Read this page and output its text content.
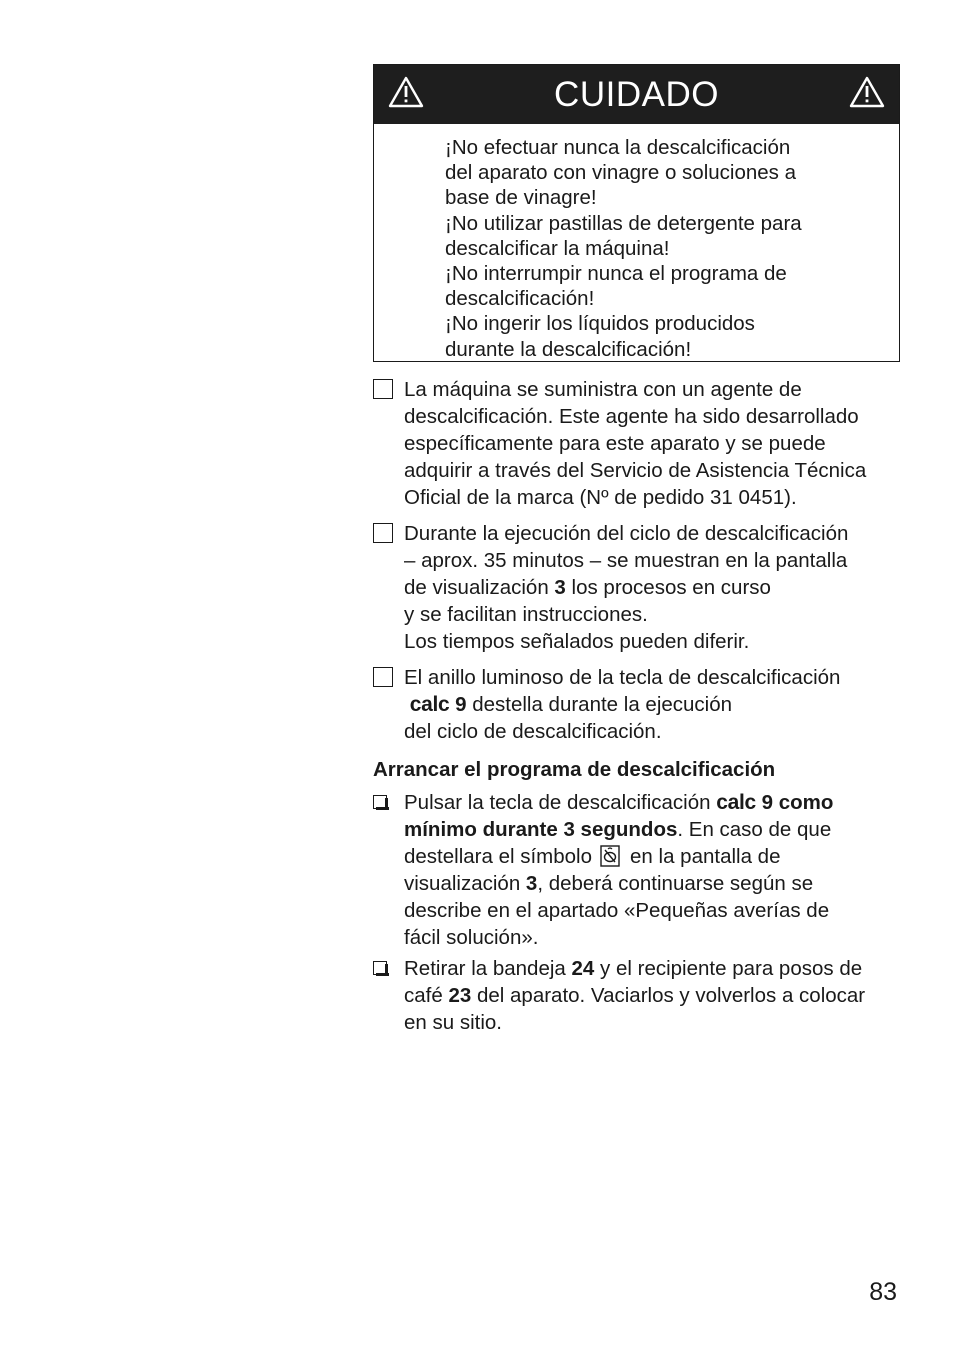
CUIDADO

¡No efectuar nunca la descalcificación

del aparato con vinagre o soluciones a

base de vinagre!

¡No utilizar pastillas de detergente para

descalcificar la máquina!

¡No interrumpir nunca el programa de

descalcificación!

¡No ingerir los líquidos producidos

durante la descalcificación!

La máquina se suministra con un agente de
descalcificación. Este agente ha sido desarrollado
específicamente para este aparato y se puede
adquirir a través del Servicio de Asistencia Técnica
Oficial de la marca (Nº de pedido 31 0451).
Durante la ejecución del ciclo de descalcificación
– aprox. 35 minutos – se muestran en la pantalla
de visualización 3 los procesos en curso
y se facilitan instrucciones.
Los tiempos señalados pueden diferir.
El anillo luminoso de la tecla de descalcificación
calc 9 destella durante la ejecución
del ciclo de descalcificación.
Arrancar el programa de descalcificación
Pulsar la tecla de descalcificación calc 9 como
mínimo durante 3 segundos. En caso de que
destellara el símbolo en la pantalla de
visualización 3, deberá continuarse según se
describe en el apartado «Pequeñas averías de
fácil solución».
Retirar la bandeja 24 y el recipiente para posos de
café 23 del aparato. Vaciarlos y volverlos a colocar
en su sitio.
83
